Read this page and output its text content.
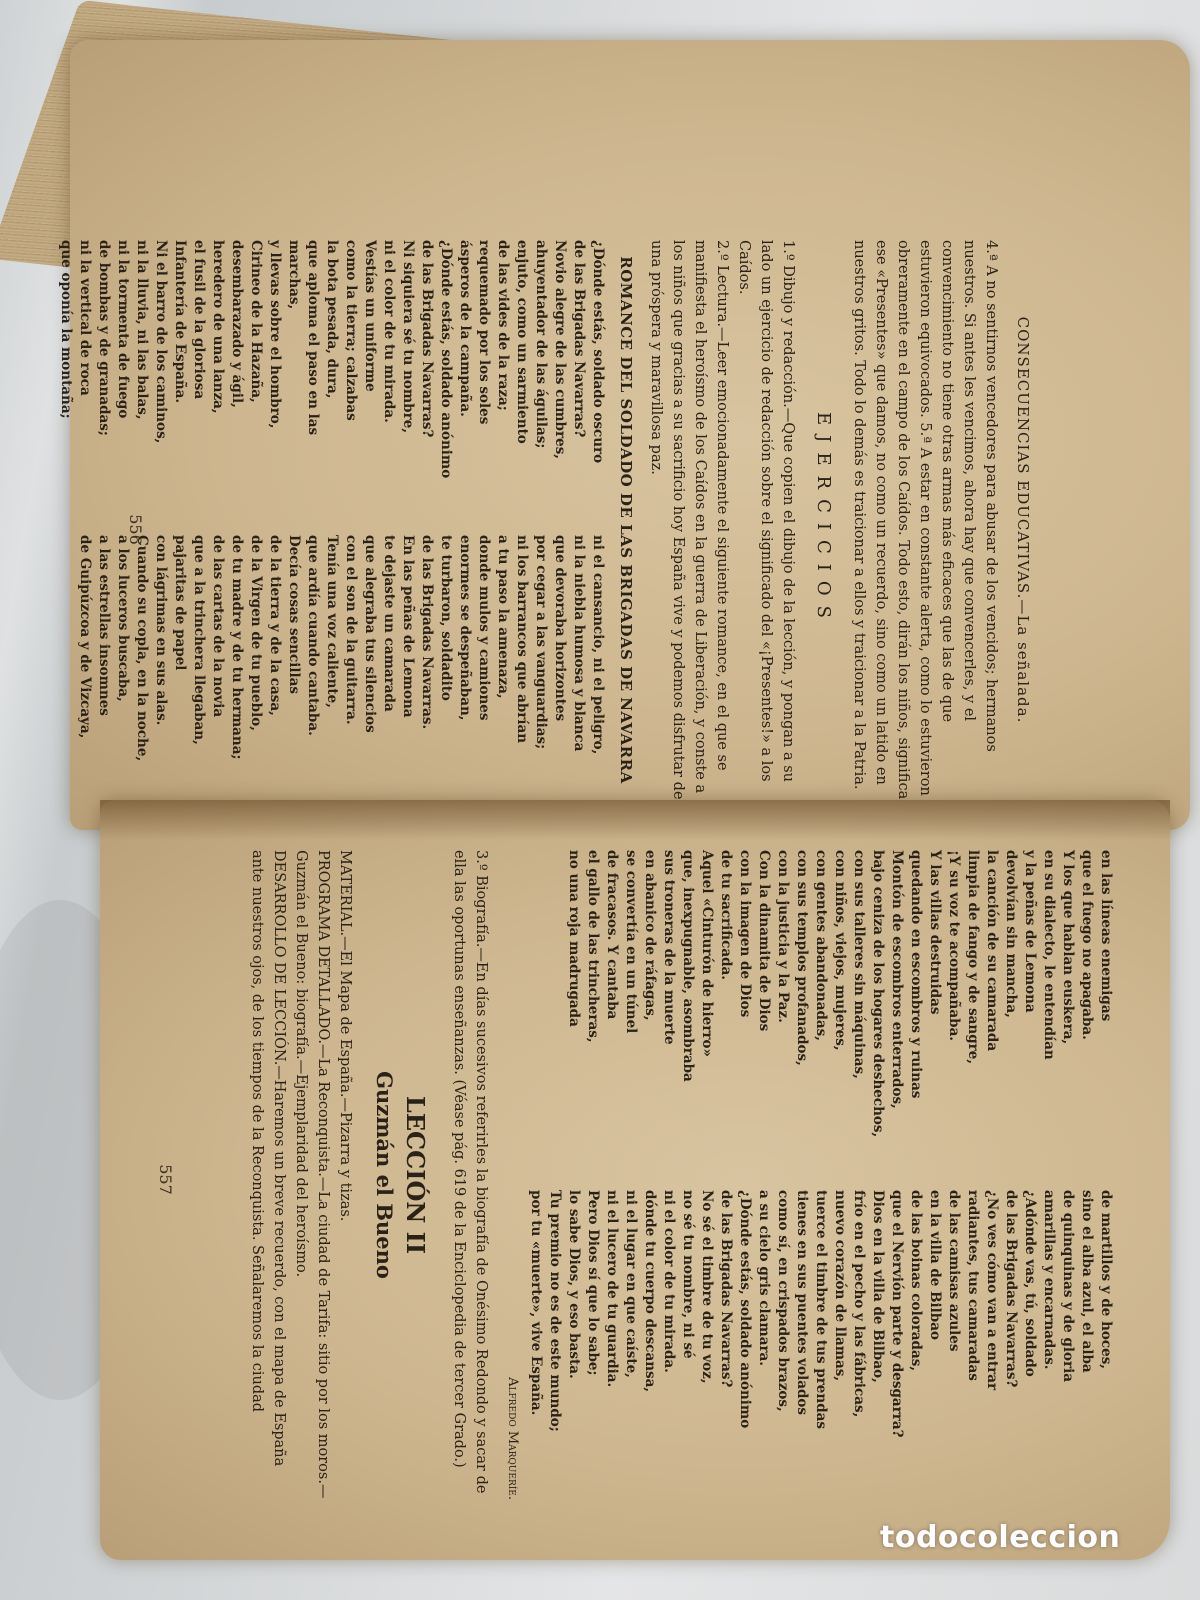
CONSECUENCIAS EDUCATIVAS.—La señalada.

4.ª A no sentirnos vencedores para abusar de los vencidos; hermanos nuestros. Si antes les vencimos, ahora hay que convencerles, y el convencimiento no tiene otras armas más eficaces que las de que estuvieron equivocados. 5.ª A estar en constante alerta, como lo estuvieron obreramente en el campo de los Caídos. Todo esto, dirán los niños, significa ese «Presentes» que damos, no como un recuerdo, sino como un latido en nuestros gritos. Todo lo demás es traicionar a ellos y traicionar a la Patria.

EJERCICIOS

1.º Dibujo y redacción.—Que copien el dibujo de la lección, y pongan a su lado un ejercicio de redacción sobre el significado del «¡Presentes!» a los Caídos.

2.º Lectura.—Leer emocionadamente el siguiente romance, en el que se manifiesta el heroísmo de los Caídos en la guerra de Liberación, y conste a los niños que gracias a su sacrificio hoy España vive y podemos disfrutar de una próspera y maravillosa paz.

ROMANCE DEL SOLDADO DE LAS BRIGADAS DE NAVARRA

¿Dónde estás, soldado oscuro

de las Brigadas Navarras?

Novio alegre de las cumbres,

ahuyentador de las águilas;

enjuto, como un sarmiento

de las vides de la raza;

requemado por los soles

ásperos de la campaña.

¿Dónde estás, soldado anónimo

de las Brigadas Navarras?

Ni siquiera sé tu nombre,

ni el color de tu mirada.

Vestías un uniforme

como la tierra; calzabas

la bota pesada, dura,

que aploma el paso en las marchas,

y llevas sobre el hombro,

Cirineo de la Hazaña,

desembarazado y ágil,

heredero de una lanza,

el fusil de la gloriosa

Infantería de España.

Ni el barro de los caminos,

ni la lluvia, ni las balas,

ni la tormenta de fuego

de bombas y de granadas;

ni la vertical de roca

que oponía la montaña;

ni el cansancio, ni el peligro,

ni la niebla humosa y blanca

que devoraba horizontes

por cegar a las vanguardias;

ni los barrancos que abrían

a tu paso la amenaza,

donde mulos y camiones

enormes se despeñaban,

te turbaron, soldadito

de las Brigadas Navarras.

En las peñas de Lemona

te dejaste un camarada

que alegraba tus silencios

con el son de la guitarra.

Tenía una voz caliente,

que ardía cuando cantaba.

Decía cosas sencillas

de la tierra y de la casa,

de la Virgen de tu pueblo,

de tu madre y de tu hermana;

de las cartas de la novia

que a la trinchera llegaban,

pajaritas de papel

con lágrimas en sus alas.

Cuando su copla, en la noche,

a los luceros buscaba,

a las estrellas insomnes

de Guipúzcoa y de Vizcaya,

556

en las líneas enemigas

que el fuego no apagaba.

Y los que hablan euskera,

en su dialecto, le entendían

y la peñas de Lemona

devolvían sin mancha,

la canción de su camarada

limpia de fango y de sangre,

¡Y su voz te acompañaba.

Y las villas destruidas

quedando en escombros y ruinas

Montón de escombros enterrados,

bajo ceniza de los hogares deshechos,

con sus talleres sin máquinas,

con niños, viejos, mujeres,

con gentes abandonadas,

con sus templos profanados,

con la justicia y la Paz.

Con la dinamita de Dios

con la imagen de Dios

de tu sacrificada.

Aquel «Cinturón de hierro»

que, inexpugnable, asombraba

sus troneras de la muerte

en abanico de ráfagas,

se convertía en un túnel

de fracasos. Y cantaba

el gallo de las trincheras,

no una roja madrugada

de martillos y de hoces,

sino el alba azul, el alba

de quinquinas y de gloria

amarillas y encarnadas.

¿Adónde vas, tú, soldado

de las Brigadas Navarras?

¿No ves cómo van a entrar

radiantes, tus camaradas

de las camisas azules

en la villa de Bilbao

de las boinas coloradas,

que el Nervión parte y desgarra?

Dios en la villa de Bilbao,

frío en el pecho y las fábricas,

nuevo corazón de llamas,

tuerce el timbre de tus prendas

tienes en sus puentes volados

como sí, en crispados brazos,

a su cielo gris clamara.

¿Dónde estás, soldado anónimo

de las Brigadas Navarras?

No sé el timbre de tu voz,

no sé tu nombre, ni sé

ni el color de tu mirada.

dónde tu cuerpo descansa,

ni el lugar en que caíste,

ni el lucero de tu guardia.

Pero Dios sí que lo sabe;

lo sabe Dios, y eso basta.

Tu premio no es de este mundo;

por tu «muerte», vive España.

Alfredo Marqueríe.

3.º Biografía.—En días sucesivos referirles la biografía de Onésimo Redondo y sacar de ella las oportunas enseñanzas. (Véase pág. 619 de la Enciclopedia de tercer Grado.)

LECCIÓN II

Guzmán el Bueno

MATERIAL.—El Mapa de España.—Pizarra y tizas.

PROGRAMA DETALLADO.—La Reconquista.—La ciudad de Tarifa: sitio por los moros.—Guzmán el Bueno: biografía.—Ejemplaridad del heroísmo.

DESARROLLO DE LECCIÓN.—Haremos un breve recuerdo, con el mapa de España ante nuestros ojos, de los tiempos de la Reconquista. Señalaremos la ciudad

557
todocoleccion
